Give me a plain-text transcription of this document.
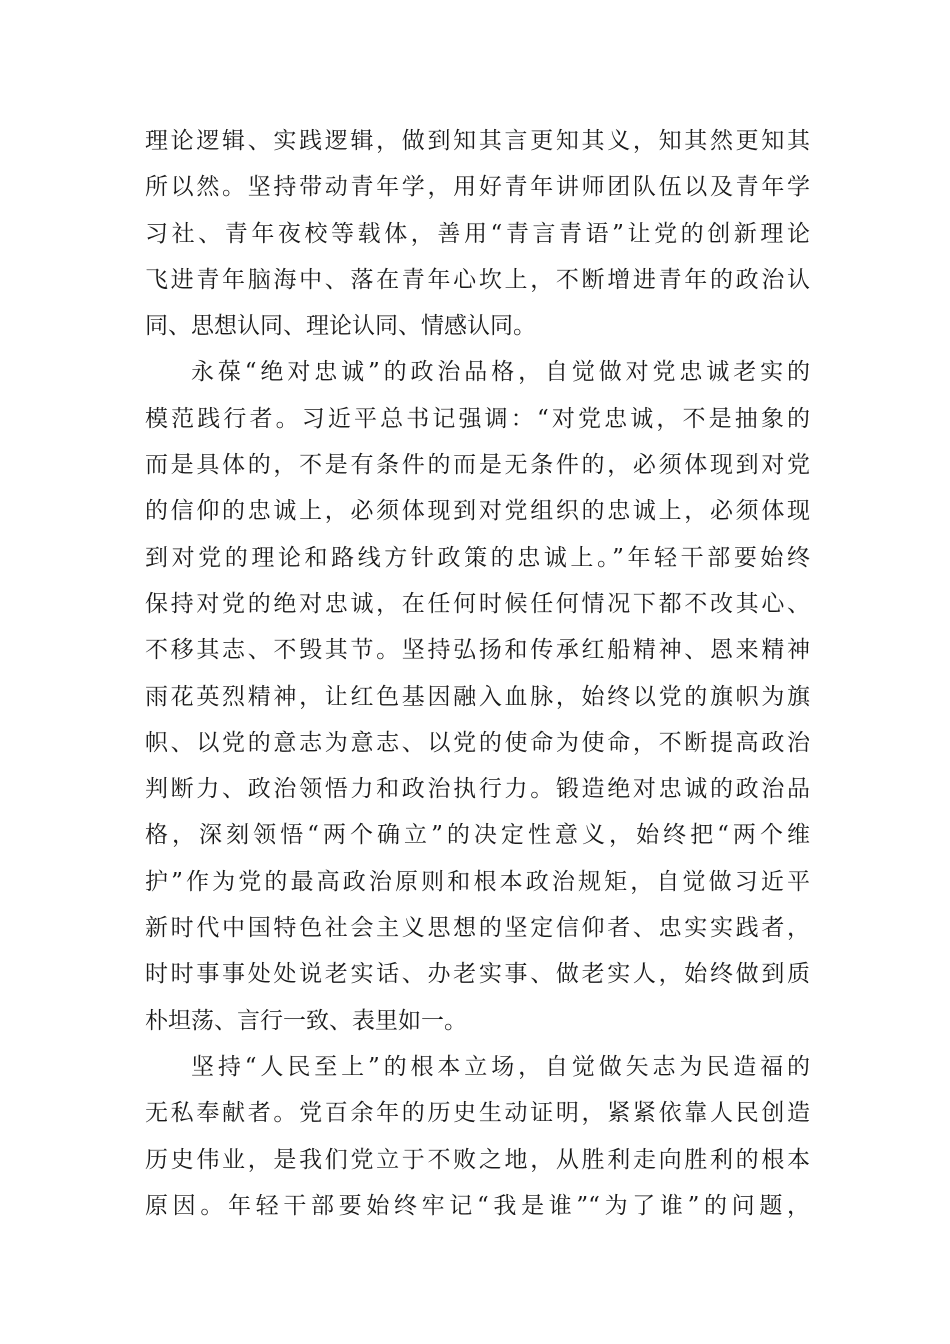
理论逻辑、实践逻辑，做到知其言更知其义，知其然更知其
所以然。坚持带动青年学，用好青年讲师团队伍以及青年学
习社、青年夜校等载体，善用“青言青语”让党的创新理论
飞进青年脑海中、落在青年心坎上，不断增进青年的政治认
同、思想认同、理论认同、情感认同。
永葆“绝对忠诚”的政治品格，自觉做对党忠诚老实的
模范践行者。习近平总书记强调：“对党忠诚，不是抽象的
而是具体的，不是有条件的而是无条件的，必须体现到对党
的信仰的忠诚上，必须体现到对党组织的忠诚上，必须体现
到对党的理论和路线方针政策的忠诚上。”年轻干部要始终
保持对党的绝对忠诚，在任何时候任何情况下都不改其心、
不移其志、不毁其节。坚持弘扬和传承红船精神、恩来精神
雨花英烈精神，让红色基因融入血脉，始终以党的旗帜为旗
帜、以党的意志为意志、以党的使命为使命，不断提高政治
判断力、政治领悟力和政治执行力。锻造绝对忠诚的政治品
格，深刻领悟“两个确立”的决定性意义，始终把“两个维
护”作为党的最高政治原则和根本政治规矩，自觉做习近平
新时代中国特色社会主义思想的坚定信仰者、忠实实践者，
时时事事处处说老实话、办老实事、做老实人，始终做到质
朴坦荡、言行一致、表里如一。
坚持“人民至上”的根本立场，自觉做矢志为民造福的
无私奉献者。党百余年的历史生动证明，紧紧依靠人民创造
历史伟业，是我们党立于不败之地，从胜利走向胜利的根本
原因。年轻干部要始终牢记“我是谁”“为了谁”的问题，
